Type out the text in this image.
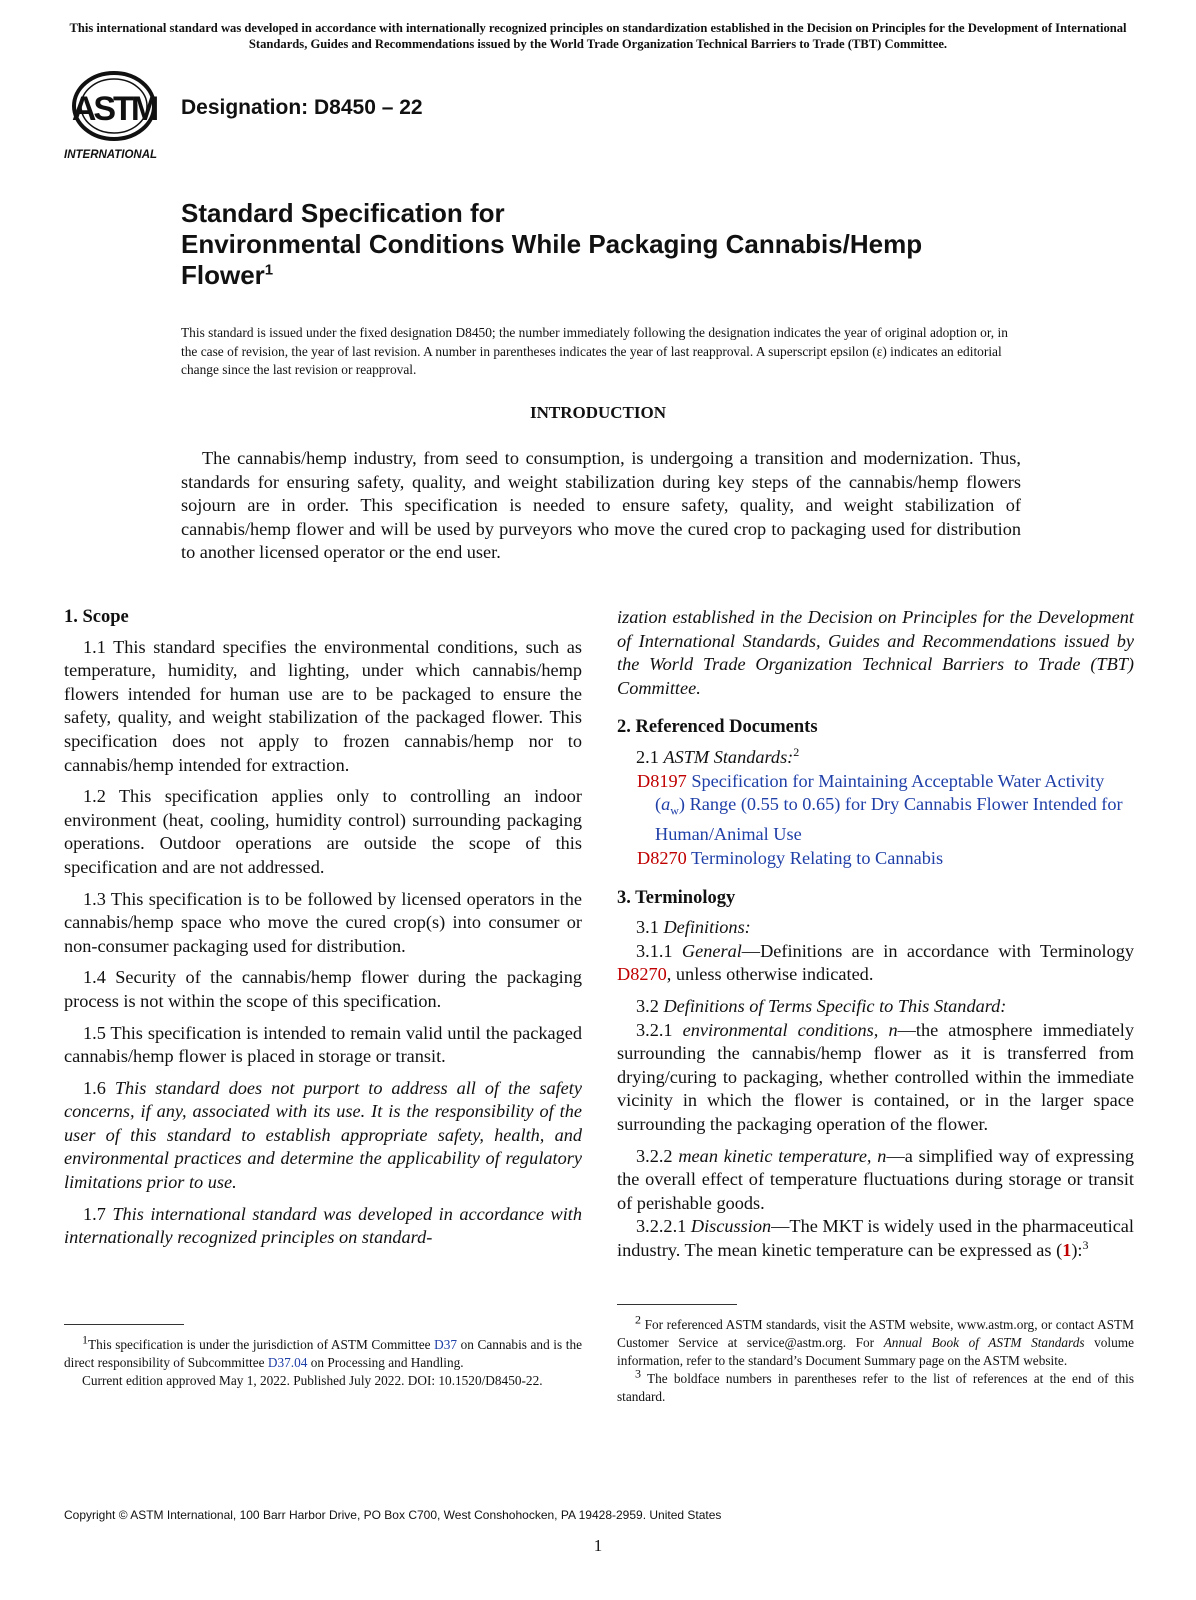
This international standard was developed in accordance with internationally recognized principles on standardization established in the Decision on Principles for the Development of International Standards, Guides and Recommendations issued by the World Trade Organization Technical Barriers to Trade (TBT) Committee.
ASTM
INTERNATIONAL
Designation: D8450 – 22
Standard Specification for
Environmental Conditions While Packaging Cannabis/Hemp
Flower$^1$
This standard is issued under the fixed designation D8450; the number immediately following the designation indicates the year of original adoption or, in the case of revision, the year of last revision. A number in parentheses indicates the year of last reapproval. A superscript epsilon (ε) indicates an editorial change since the last revision or reapproval.
INTRODUCTION
The cannabis/hemp industry, from seed to consumption, is undergoing a transition and modernization. Thus, standards for ensuring safety, quality, and weight stabilization during key steps of the cannabis/hemp flowers sojourn are in order. This specification is needed to ensure safety, quality, and weight stabilization of cannabis/hemp flower and will be used by purveyors who move the cured crop to packaging used for distribution to another licensed operator or the end user.
1. Scope

1.1 This standard specifies the environmental conditions, such as temperature, humidity, and lighting, under which cannabis/hemp flowers intended for human use are to be packaged to ensure the safety, quality, and weight stabilization of the packaged flower. This specification does not apply to frozen cannabis/hemp nor to cannabis/hemp intended for extraction.

1.2 This specification applies only to controlling an indoor environment (heat, cooling, humidity control) surrounding packaging operations. Outdoor operations are outside the scope of this specification and are not addressed.

1.3 This specification is to be followed by licensed operators in the cannabis/hemp space who move the cured crop(s) into consumer or non-consumer packaging used for distribution.

1.4 Security of the cannabis/hemp flower during the packaging process is not within the scope of this specification.

1.5 This specification is intended to remain valid until the packaged cannabis/hemp flower is placed in storage or transit.

1.6 This standard does not purport to address all of the safety concerns, if any, associated with its use. It is the responsibility of the user of this standard to establish appropriate safety, health, and environmental practices and determine the applicability of regulatory limitations prior to use.

1.7 This international standard was developed in accordance with internationally recognized principles on standard-

ization established in the Decision on Principles for the Development of International Standards, Guides and Recommendations issued by the World Trade Organization Technical Barriers to Trade (TBT) Committee.

2. Referenced Documents

2.1 ASTM Standards:$^2$

D8197 Specification for Maintaining Acceptable Water Activity $(a_w)$ Range (0.55 to 0.65) for Dry Cannabis Flower Intended for Human/Animal Use
D8270 Terminology Relating to Cannabis
3. Terminology

3.1 Definitions:

3.1.1 General—Definitions are in accordance with Terminology D8270, unless otherwise indicated.

3.2 Definitions of Terms Specific to This Standard:

3.2.1 environmental conditions, n—the atmosphere immediately surrounding the cannabis/hemp flower as it is transferred from drying/curing to packaging, whether controlled within the immediate vicinity in which the flower is contained, or in the larger space surrounding the packaging operation of the flower.

3.2.2 mean kinetic temperature, n—a simplified way of expressing the overall effect of temperature fluctuations during storage or transit of perishable goods.

3.2.2.1 Discussion—The MKT is widely used in the pharmaceutical industry. The mean kinetic temperature can be expressed as (1):$^3$

$^1$This specification is under the jurisdiction of ASTM Committee D37 on Cannabis and is the direct responsibility of Subcommittee D37.04 on Processing and Handling.

Current edition approved May 1, 2022. Published July 2022. DOI: 10.1520/D8450-22.

$^2$ For referenced ASTM standards, visit the ASTM website, www.astm.org, or contact ASTM Customer Service at service@astm.org. For Annual Book of ASTM Standards volume information, refer to the standard’s Document Summary page on the ASTM website.

$^3$ The boldface numbers in parentheses refer to the list of references at the end of this standard.

Copyright © ASTM International, 100 Barr Harbor Drive, PO Box C700, West Conshohocken, PA 19428-2959. United States
1
